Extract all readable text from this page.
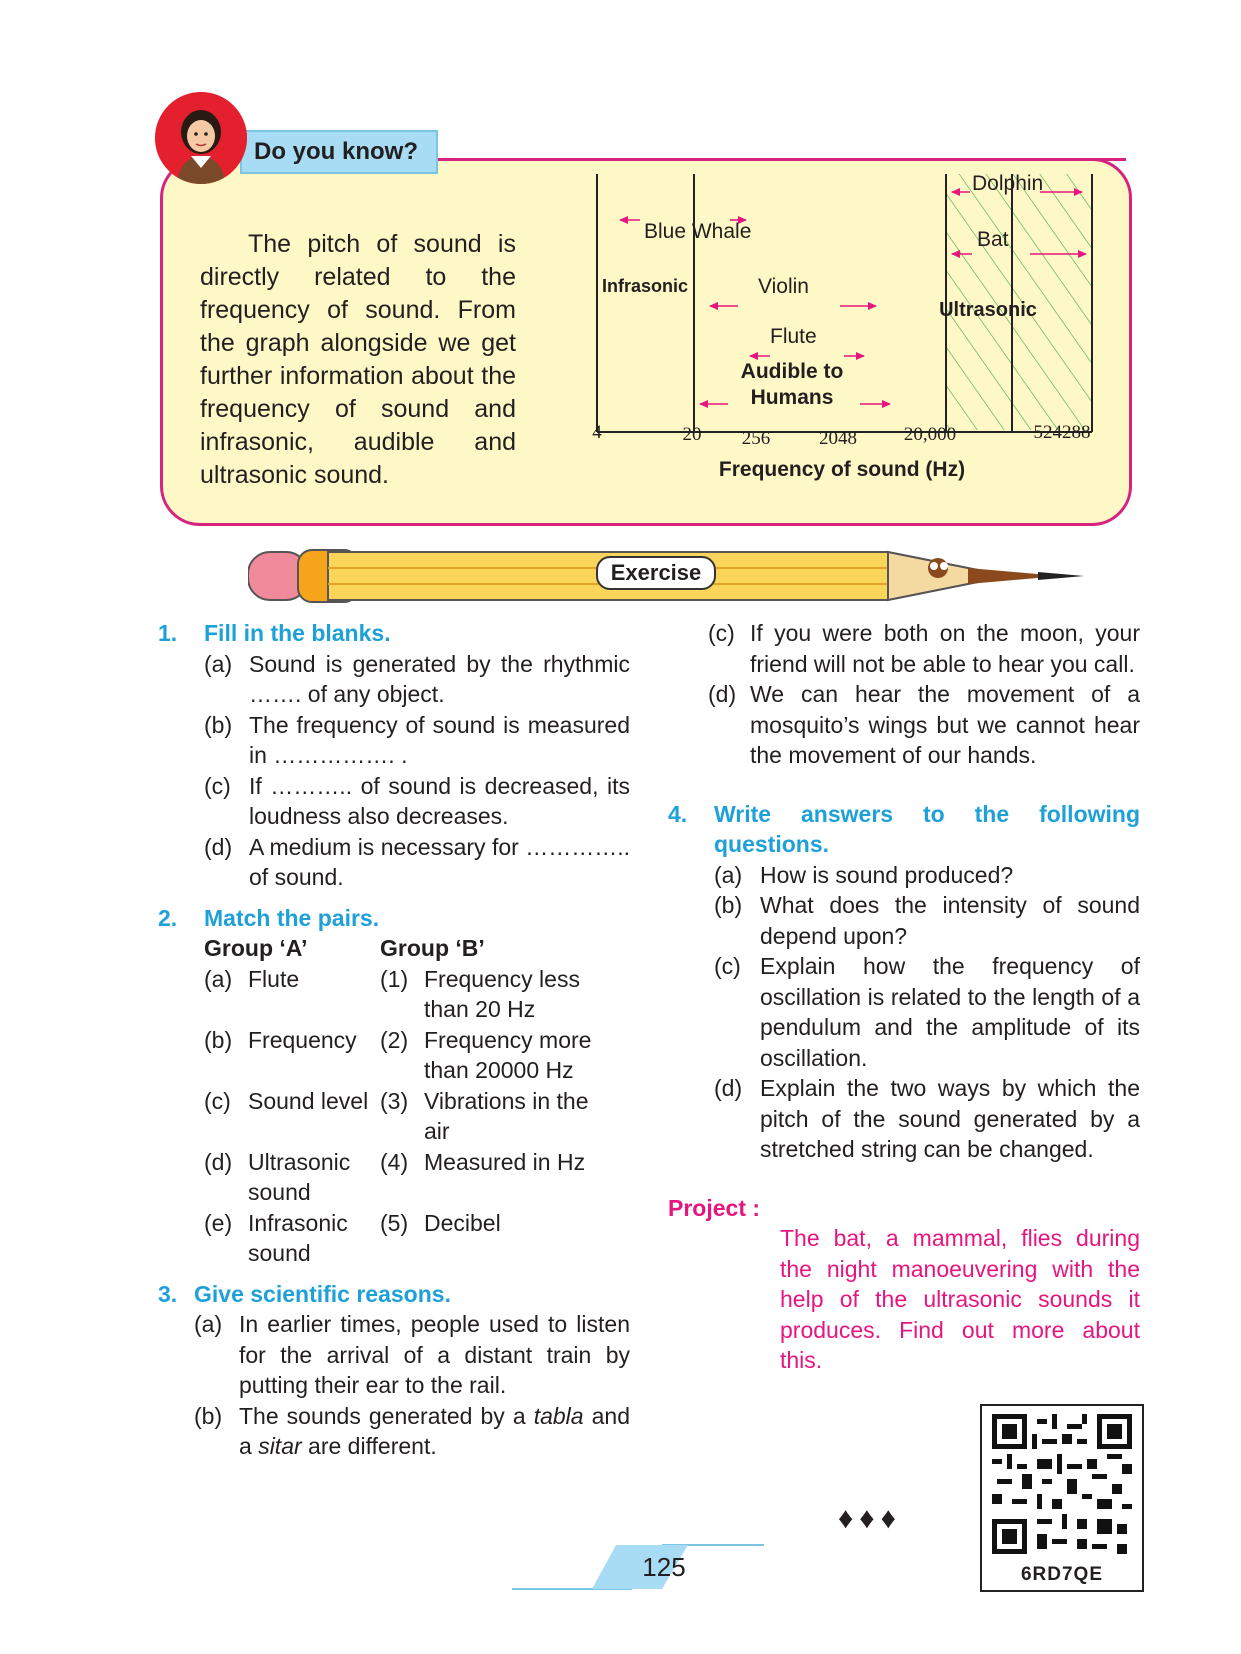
Do you know?

The pitch of sound is directly related to the frequency of sound. From the graph alongside we get further information about the frequency of sound and infrasonic, audible and ultrasonic sound.

Blue Whale
Violin
Flute
Dolphin
Bat
Infrasonic
Audible to
Humans
Ultrasonic
4	20 256	2048 20,000	524288
Frequency of sound (Hz)
Exercise
1. Fill in the blanks.
(a) Sound is generated by the rhythmic ……. of any object.
(b) The frequency of sound is measured in ……………. .
(c) If ……….. of sound is decreased, its loudness also decreases.
(d) A medium is necessary for ………….. of sound.
2. Match the pairs.
Group ‘A’		Group ‘B’	
(a)	Flute	(1)	Frequency less than 20 Hz
(b)	Frequency	(2)	Frequency more than 20000 Hz
(c)	Sound level	(3)	Vibrations in the air
(d)	Ultrasonic sound	(4)	Measured in Hz
(e)	Infrasonic sound	(5)	Decibel
3. Give scientific reasons.
(a) In earlier times, people used to listen for the arrival of a distant train by putting their ear to the rail.
(b) The sounds generated by a tabla and a sitar are different.
(c) If you were both on the moon, your friend will not be able to hear you call.
(d) We can hear the movement of a mosquito’s wings but we cannot hear the movement of our hands.
4. Write answers to the following questions.
(a) How is sound produced?
(b) What does the intensity of sound depend upon?
(c) Explain how the frequency of oscillation is related to the length of a pendulum and the amplitude of its oscillation.
(d) Explain the two ways by which the pitch of the sound generated by a stretched string can be changed.
Project :
The bat, a mammal, flies during the night manoeuvering with the help of the ultrasonic sounds it produces. Find out more about this.
6RD7QE
♦♦♦
125
